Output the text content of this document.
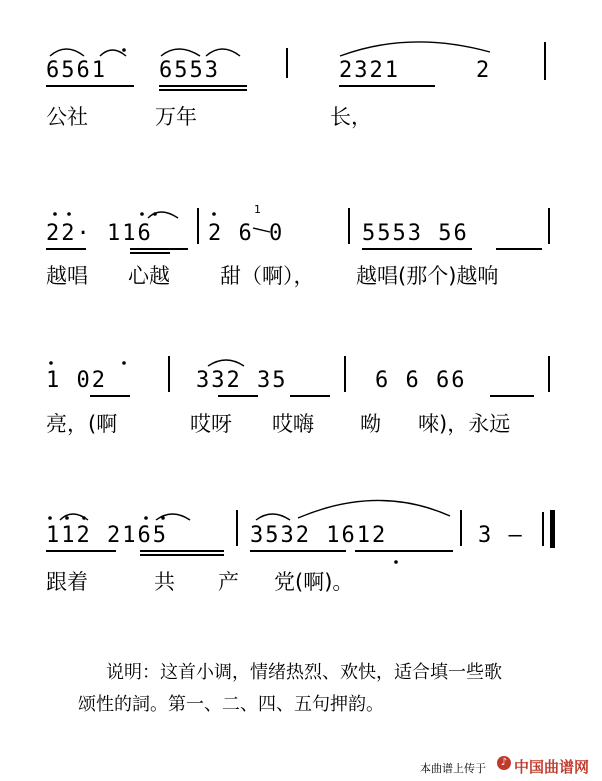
6561 6553	2321	2
公社	万年	长，
22· 116	2 6 0
1
5553 56
越唱 心越 甜（啊）， 越唱(那个)越响
1 02	332 35	6 6 66
亮，(啊	哎呀 哎嗨 呦 唻)，永远
112 2165	3532 1612	3 —
跟着	共 产 党(啊)。
说明：这首小调，情绪热烈、欢快，适合填一些歌
颂性的詞。第一、二、四、五句押韵。
本曲谱上传于	♪ 中国曲谱网
